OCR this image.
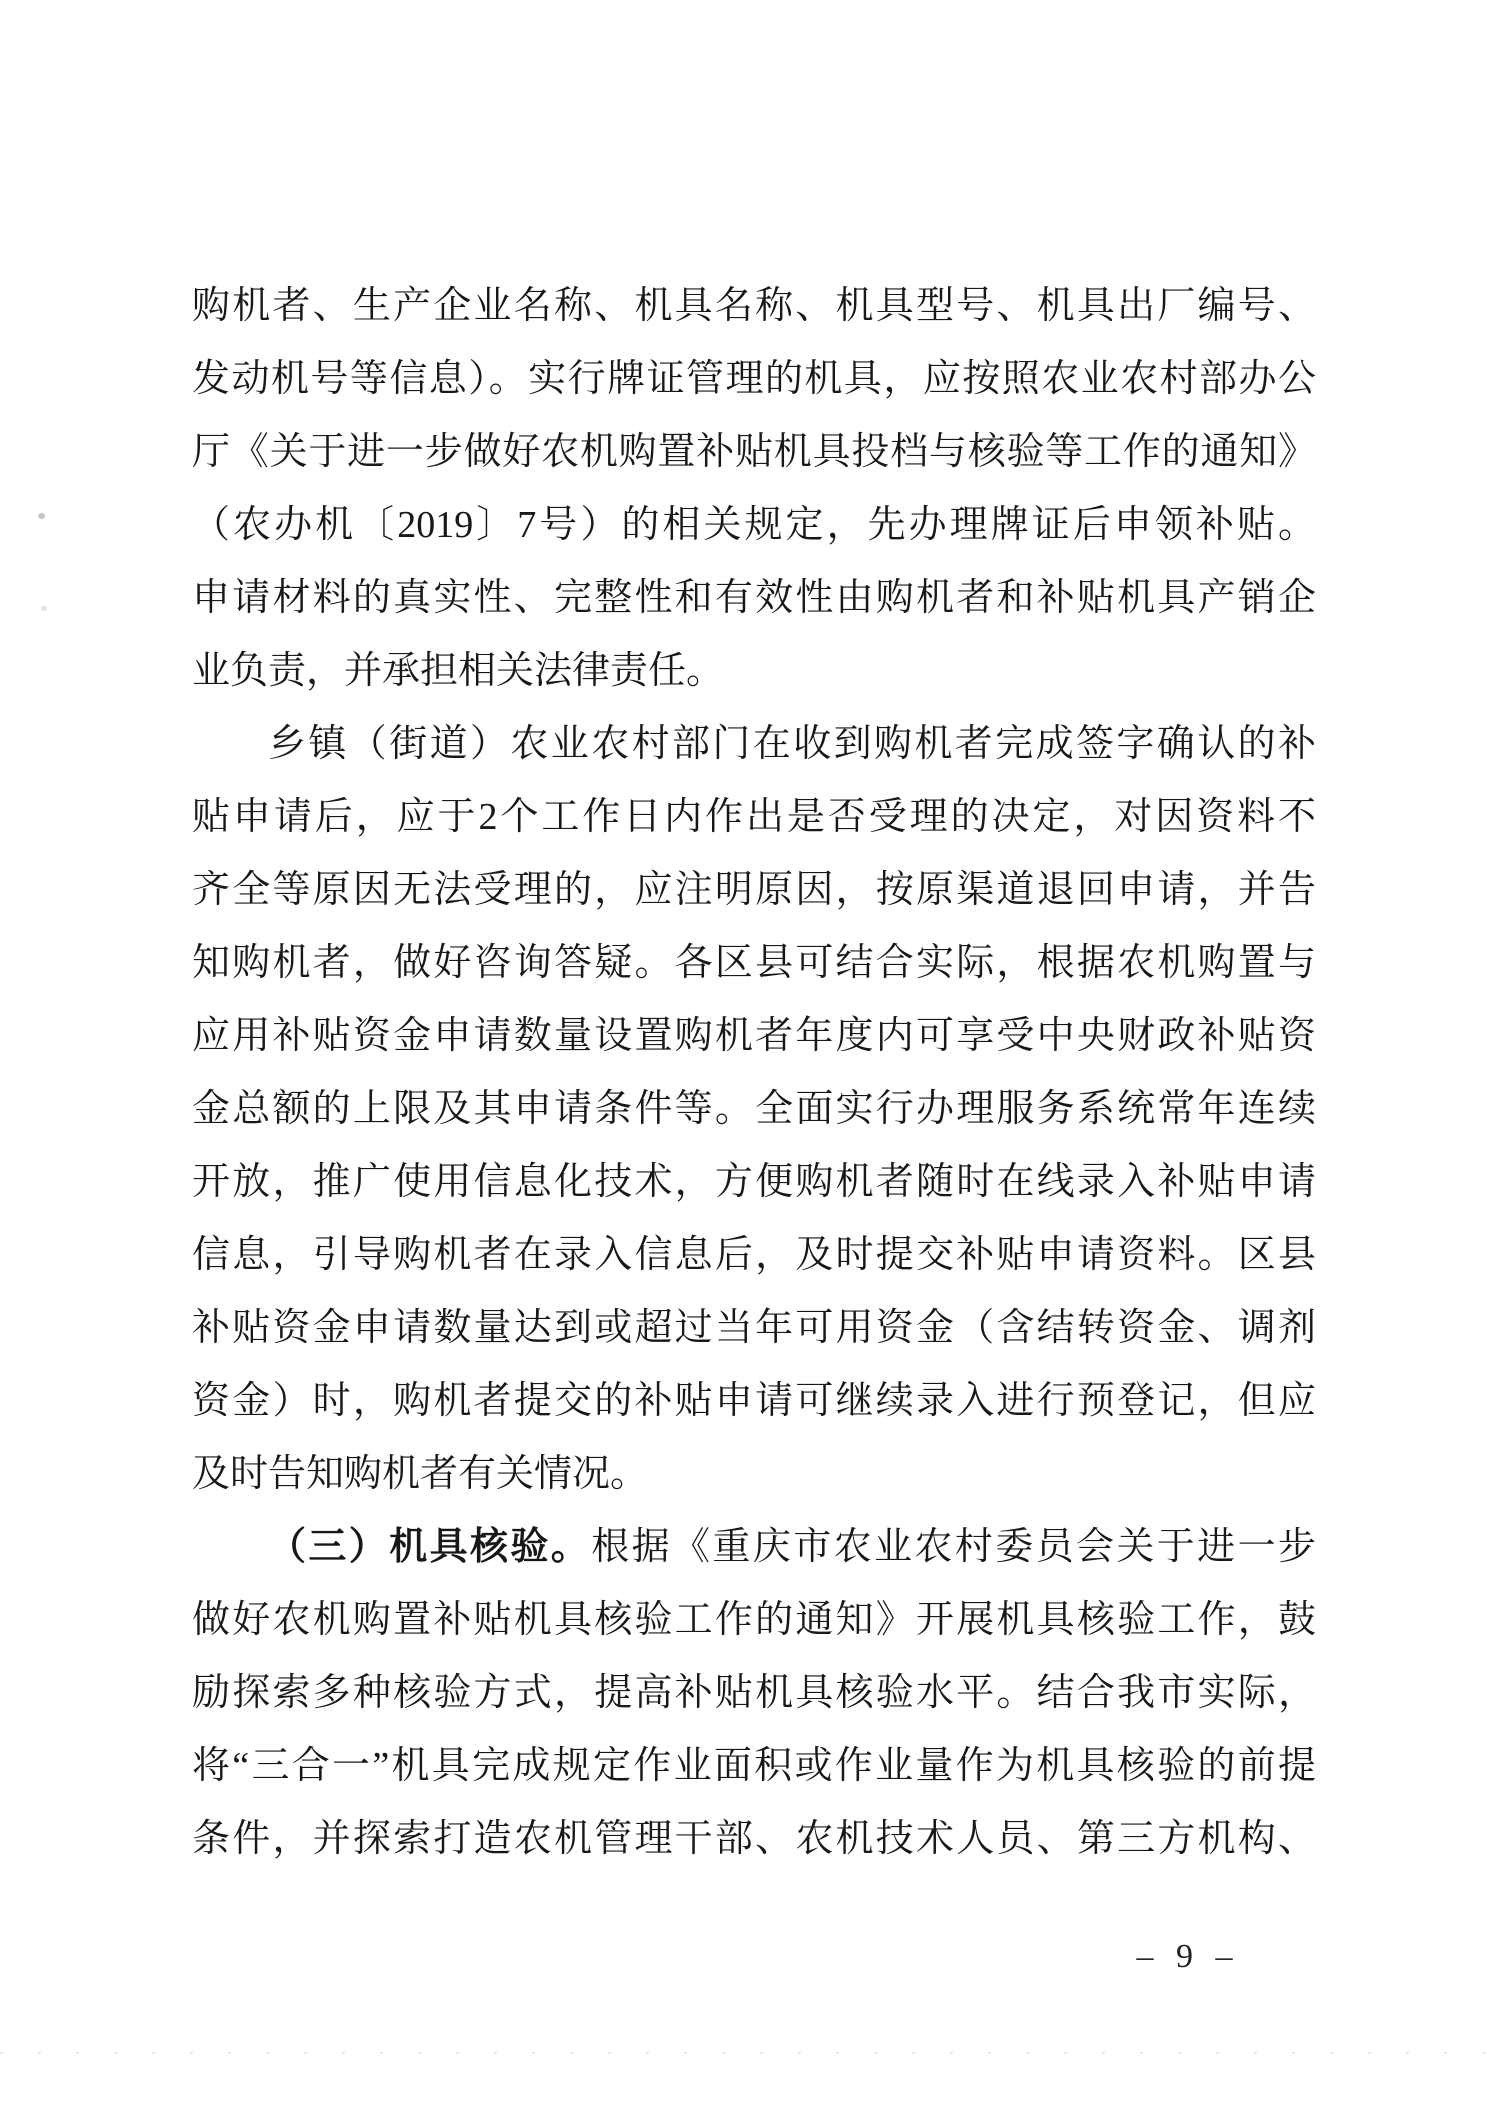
购机者、生产企业名称、机具名称、机具型号、机具出厂编号、
发动机号等信息）。实行牌证管理的机具，应按照农业农村部办公
厅《关于进一步做好农机购置补贴机具投档与核验等工作的通知》
（农办机〔2019〕7号）的相关规定，先办理牌证后申领补贴。
申请材料的真实性、完整性和有效性由购机者和补贴机具产销企
业负责，并承担相关法律责任。
乡镇（街道）农业农村部门在收到购机者完成签字确认的补
贴申请后，应于2个工作日内作出是否受理的决定，对因资料不
齐全等原因无法受理的，应注明原因，按原渠道退回申请，并告
知购机者，做好咨询答疑。各区县可结合实际，根据农机购置与
应用补贴资金申请数量设置购机者年度内可享受中央财政补贴资
金总额的上限及其申请条件等。全面实行办理服务系统常年连续
开放，推广使用信息化技术，方便购机者随时在线录入补贴申请
信息，引导购机者在录入信息后，及时提交补贴申请资料。区县
补贴资金申请数量达到或超过当年可用资金（含结转资金、调剂
资金）时，购机者提交的补贴申请可继续录入进行预登记，但应
及时告知购机者有关情况。
（三）机具核验。根据《重庆市农业农村委员会关于进一步
做好农机购置补贴机具核验工作的通知》开展机具核验工作，鼓
励探索多种核验方式，提高补贴机具核验水平。结合我市实际，
将“三合一”机具完成规定作业面积或作业量作为机具核验的前提
条件，并探索打造农机管理干部、农机技术人员、第三方机构、
– 9 –
